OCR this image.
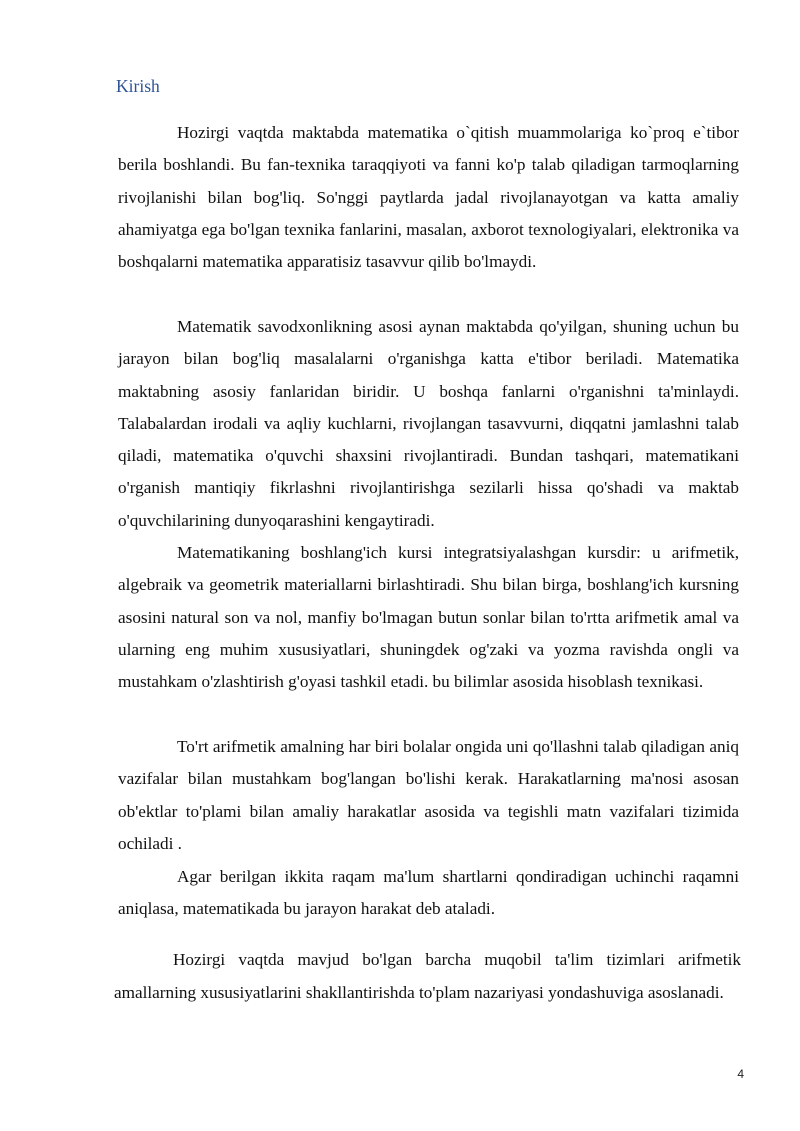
Kirish

Hozirgi vaqtda maktabda matematika o`qitish muammolariga ko`proq e`tibor berila boshlandi. Bu fan-texnika taraqqiyoti va fanni ko'p talab qiladigan tarmoqlarning rivojlanishi bilan bog'liq. So'nggi paytlarda jadal rivojlanayotgan va katta amaliy ahamiyatga ega bo'lgan texnika fanlarini, masalan, axborot texnologiyalari, elektronika va boshqalarni matematika apparatisiz tasavvur qilib bo'lmaydi.

Matematik savodxonlikning asosi aynan maktabda qo'yilgan, shuning uchun bu jarayon bilan bog'liq masalalarni o'rganishga katta e'tibor beriladi. Matematika maktabning asosiy fanlaridan biridir. U boshqa fanlarni o'rganishni ta'minlaydi. Talabalardan irodali va aqliy kuchlarni, rivojlangan tasavvurni, diqqatni jamlashni talab qiladi, matematika o'quvchi shaxsini rivojlantiradi. Bundan tashqari, matematikani o'rganish mantiqiy fikrlashni rivojlantirishga sezilarli hissa qo'shadi va maktab o'quvchilarining dunyoqarashini kengaytiradi.

Matematikaning boshlang'ich kursi integratsiyalashgan kursdir: u arifmetik, algebraik va geometrik materiallarni birlashtiradi. Shu bilan birga, boshlang'ich kursning asosini natural son va nol, manfiy bo'lmagan butun sonlar bilan to'rtta arifmetik amal va ularning eng muhim xususiyatlari, shuningdek og'zaki va yozma ravishda ongli va mustahkam o'zlashtirish g'oyasi tashkil etadi. bu bilimlar asosida hisoblash texnikasi.

To'rt arifmetik amalning har biri bolalar ongida uni qo'llashni talab qiladigan aniq vazifalar bilan mustahkam bog'langan bo'lishi kerak. Harakatlarning ma'nosi asosan ob'ektlar to'plami bilan amaliy harakatlar asosida va tegishli matn vazifalari tizimida ochiladi .

Agar berilgan ikkita raqam ma'lum shartlarni qondiradigan uchinchi raqamni aniqlasa, matematikada bu jarayon harakat deb ataladi.

Hozirgi vaqtda mavjud bo'lgan barcha muqobil ta'lim tizimlari arifmetik amallarning xususiyatlarini shakllantirishda to'plam nazariyasi yondashuviga asoslanadi.

4
